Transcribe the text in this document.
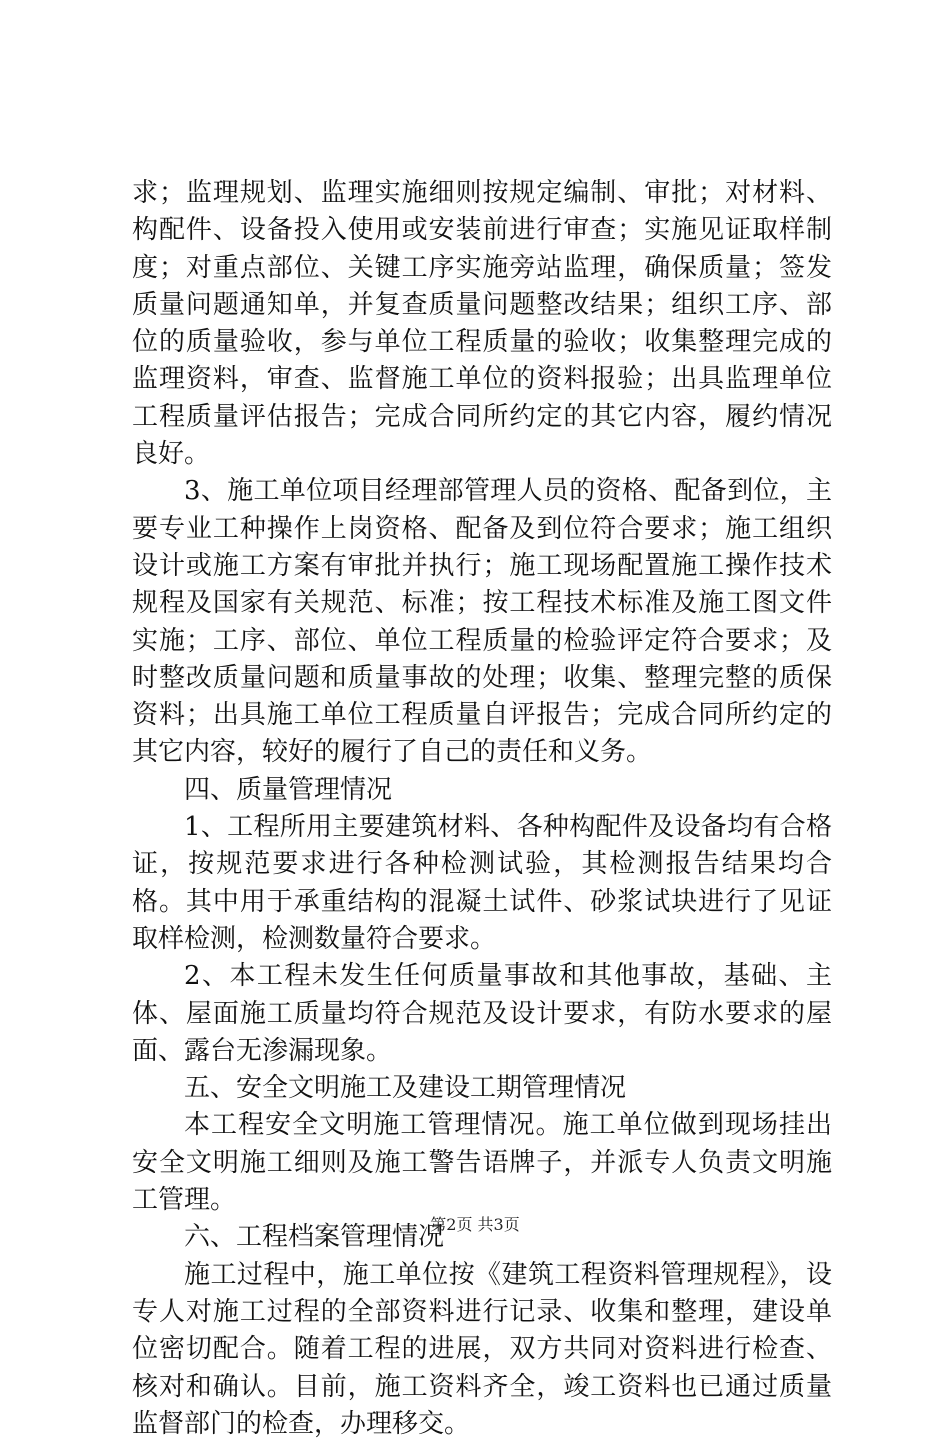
求；监理规划、监理实施细则按规定编制、审批；对材料、构配件、设备投入使用或安装前进行审查；实施见证取样制度；对重点部位、关键工序实施旁站监理，确保质量；签发质量问题通知单，并复查质量问题整改结果；组织工序、部位的质量验收，参与单位工程质量的验收；收集整理完成的监理资料，审查、监督施工单位的资料报验；出具监理单位工程质量评估报告；完成合同所约定的其它内容，履约情况良好。

3、施工单位项目经理部管理人员的资格、配备到位，主要专业工种操作上岗资格、配备及到位符合要求；施工组织设计或施工方案有审批并执行；施工现场配置施工操作技术规程及国家有关规范、标准；按工程技术标准及施工图文件实施；工序、部位、单位工程质量的检验评定符合要求；及时整改质量问题和质量事故的处理；收集、整理完整的质保资料；出具施工单位工程质量自评报告；完成合同所约定的其它内容，较好的履行了自己的责任和义务。

四、质量管理情况

1、工程所用主要建筑材料、各种构配件及设备均有合格证，按规范要求进行各种检测试验，其检测报告结果均合格。其中用于承重结构的混凝土试件、砂浆试块进行了见证取样检测，检测数量符合要求。

2、本工程未发生任何质量事故和其他事故，基础、主体、屋面施工质量均符合规范及设计要求，有防水要求的屋面、露台无渗漏现象。

五、安全文明施工及建设工期管理情况

本工程安全文明施工管理情况。施工单位做到现场挂出安全文明施工细则及施工警告语牌子，并派专人负责文明施工管理。

六、工程档案管理情况

施工过程中，施工单位按《建筑工程资料管理规程》，设专人对施工过程的全部资料进行记录、收集和整理，建设单位密切配合。随着工程的进展，双方共同对资料进行检查、核对和确认。目前，施工资料齐全，竣工资料也已通过质量监督部门的检查，办理移交。

第2页 共3页
